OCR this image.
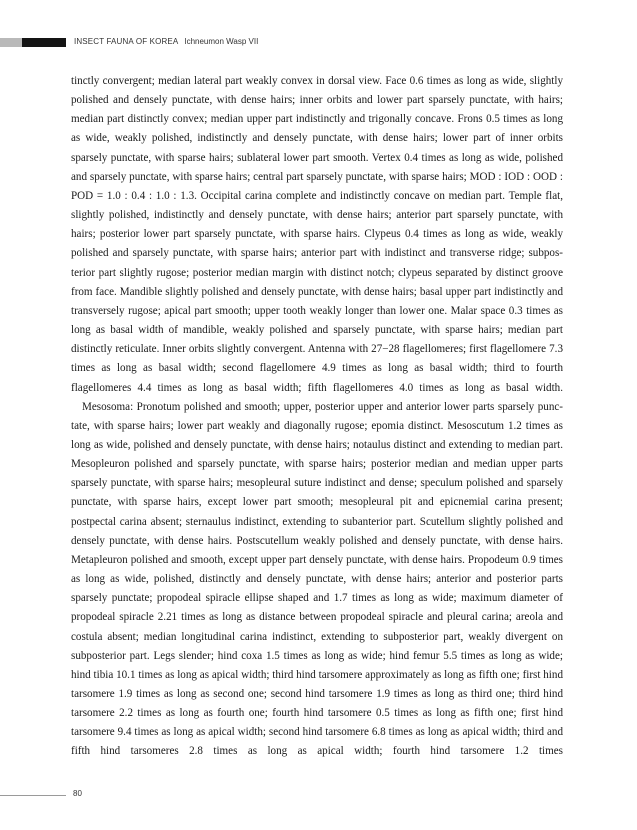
INSECT FAUNA OF KOREA Ichneumon Wasp VII

tinctly convergent; median lateral part weakly convex in dorsal view. Face 0.6 times as long as wide, slightly polished and densely punctate, with dense hairs; inner orbits and lower part sparsely punctate, with hairs; median part distinctly convex; median upper part indistinctly and trigonally concave. Frons 0.5 times as long as wide, weakly polished, indistinctly and densely punctate, with dense hairs; lower part of inner orbits sparsely punctate, with sparse hairs; sublateral lower part smooth. Vertex 0.4 times as long as wide, polished and sparsely punctate, with sparse hairs; central part sparsely punctate, with sparse hairs; MOD : IOD : OOD : POD = 1.0 : 0.4 : 1.0 : 1.3. Occipital carina complete and indistinctly concave on median part. Temple flat, slightly polished, indistinctly and densely punctate, with dense hairs; anterior part sparsely punctate, with hairs; posterior lower part sparsely punctate, with sparse hairs. Clypeus 0.4 times as long as wide, weakly polished and sparsely punctate, with sparse hairs; anterior part with indistinct and transverse ridge; subposterior part slightly rugose; posterior median margin with distinct notch; clypeus separated by distinct groove from face. Mandible slightly polished and densely punctate, with dense hairs; basal upper part indistinctly and transversely rugose; apical part smooth; upper tooth weakly longer than lower one. Malar space 0.3 times as long as basal width of mandible, weakly polished and sparsely punctate, with sparse hairs; median part distinctly reticulate. Inner orbits slightly convergent. Antenna with 27−28 flagellomeres; first flagellomere 7.3 times as long as basal width; second flagellomere 4.9 times as long as basal width; third to fourth flagellomeres 4.4 times as long as basal width; fifth flagellomeres 4.0 times as long as basal width.

Mesosoma: Pronotum polished and smooth; upper, posterior upper and anterior lower parts sparsely punctate, with sparse hairs; lower part weakly and diagonally rugose; epomia distinct. Mesoscutum 1.2 times as long as wide, polished and densely punctate, with dense hairs; notaulus distinct and extending to median part. Mesopleuron polished and sparsely punctate, with sparse hairs; posterior median and median upper parts sparsely punctate, with sparse hairs; mesopleural suture indistinct and dense; speculum polished and sparsely punctate, with sparse hairs, except lower part smooth; mesopleural pit and epicnemial carina present; postpectal carina absent; sternaulus indistinct, extending to subanterior part. Scutellum slightly polished and densely punctate, with dense hairs. Postscutellum weakly polished and densely punctate, with dense hairs. Metapleuron polished and smooth, except upper part densely punctate, with dense hairs. Propodeum 0.9 times as long as wide, polished, distinctly and densely punctate, with dense hairs; anterior and posterior parts sparsely punctate; propodeal spiracle ellipse shaped and 1.7 times as long as wide; maximum diameter of propodeal spiracle 2.21 times as long as distance between propodeal spiracle and pleural carina; areola and costula absent; median longitudinal carina indistinct, extending to subposterior part, weakly divergent on subposterior part. Legs slender; hind coxa 1.5 times as long as wide; hind femur 5.5 times as long as wide; hind tibia 10.1 times as long as apical width; third hind tarsomere approximately as long as fifth one; first hind tarsomere 1.9 times as long as second one; second hind tarsomere 1.9 times as long as third one; third hind tarsomere 2.2 times as long as fourth one; fourth hind tarsomere 0.5 times as long as fifth one; first hind tarsomere 9.4 times as long as apical width; second hind tarsomere 6.8 times as long as apical width; third and fifth hind tarsomeres 2.8 times as long as apical width; fourth hind tarsomere 1.2 times

80
